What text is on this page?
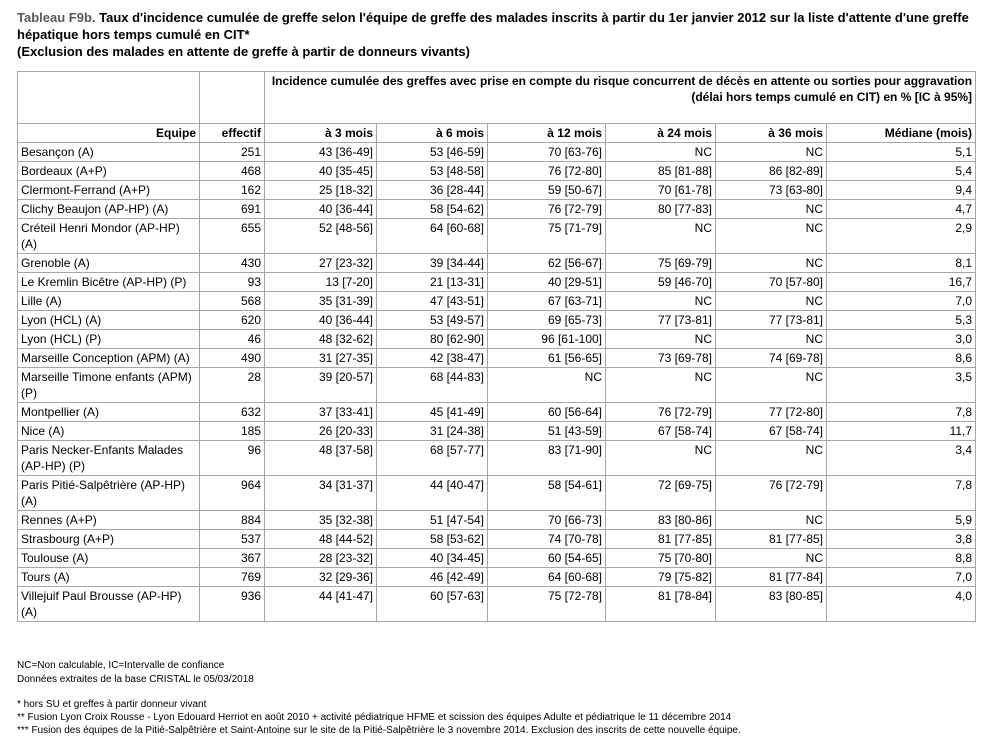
Tableau F9b. Taux d'incidence cumulée de greffe selon l'équipe de greffe des malades inscrits à partir du 1er janvier 2012 sur la liste d'attente d'une greffe hépatique hors temps cumulé en CIT*
(Exclusion des malades en attente de greffe à partir de donneurs vivants)
		Incidence cumulée des greffes avec prise en compte du risque concurrent de décès en attente ou sorties pour aggravation (délai hors temps cumulé en CIT) en % [IC à 95%]					
Equipe	effectif	à 3 mois	à 6 mois	à 12 mois	à 24 mois	à 36 mois	Médiane (mois)
Besançon (A)	251	43 [36-49]	53 [46-59]	70 [63-76]	NC	NC	5,1
Bordeaux (A+P)	468	40 [35-45]	53 [48-58]	76 [72-80]	85 [81-88]	86 [82-89]	5,4
Clermont-Ferrand (A+P)	162	25 [18-32]	36 [28-44]	59 [50-67]	70 [61-78]	73 [63-80]	9,4
Clichy Beaujon (AP-HP) (A)	691	40 [36-44]	58 [54-62]	76 [72-79]	80 [77-83]	NC	4,7
Créteil Henri Mondor (AP-HP) (A)	655	52 [48-56]	64 [60-68]	75 [71-79]	NC	NC	2,9
Grenoble (A)	430	27 [23-32]	39 [34-44]	62 [56-67]	75 [69-79]	NC	8,1
Le Kremlin Bicêtre (AP-HP) (P)	93	13 [7-20]	21 [13-31]	40 [29-51]	59 [46-70]	70 [57-80]	16,7
Lille (A)	568	35 [31-39]	47 [43-51]	67 [63-71]	NC	NC	7,0
Lyon (HCL) (A)	620	40 [36-44]	53 [49-57]	69 [65-73]	77 [73-81]	77 [73-81]	5,3
Lyon (HCL) (P)	46	48 [32-62]	80 [62-90]	96 [61-100]	NC	NC	3,0
Marseille Conception (APM) (A)	490	31 [27-35]	42 [38-47]	61 [56-65]	73 [69-78]	74 [69-78]	8,6
Marseille Timone enfants (APM) (P)	28	39 [20-57]	68 [44-83]	NC	NC	NC	3,5
Montpellier (A)	632	37 [33-41]	45 [41-49]	60 [56-64]	76 [72-79]	77 [72-80]	7,8
Nice (A)	185	26 [20-33]	31 [24-38]	51 [43-59]	67 [58-74]	67 [58-74]	11,7
Paris Necker-Enfants Malades (AP-HP) (P)	96	48 [37-58]	68 [57-77]	83 [71-90]	NC	NC	3,4
Paris Pitié-Salpêtrière (AP-HP) (A)	964	34 [31-37]	44 [40-47]	58 [54-61]	72 [69-75]	76 [72-79]	7,8
Rennes (A+P)	884	35 [32-38]	51 [47-54]	70 [66-73]	83 [80-86]	NC	5,9
Strasbourg (A+P)	537	48 [44-52]	58 [53-62]	74 [70-78]	81 [77-85]	81 [77-85]	3,8
Toulouse (A)	367	28 [23-32]	40 [34-45]	60 [54-65]	75 [70-80]	NC	8,8
Tours (A)	769	32 [29-36]	46 [42-49]	64 [60-68]	79 [75-82]	81 [77-84]	7,0
Villejuif Paul Brousse (AP-HP) (A)	936	44 [41-47]	60 [57-63]	75 [72-78]	81 [78-84]	83 [80-85]	4,0
NC=Non calculable, IC=Intervalle de confiance
Données extraites de la base CRISTAL le 05/03/2018
* hors SU et greffes à partir donneur vivant
** Fusion Lyon Croix Rousse - Lyon Edouard Herriot en août 2010 + activité pédiatrique HFME et scission des équipes Adulte et pédiatrique le 11 décembre 2014
*** Fusion des équipes de la Pitié-Salpêtrière et Saint-Antoine sur le site de la Pitié-Salpêtrière le 3 novembre 2014. Exclusion des inscrits de cette nouvelle équipe.
